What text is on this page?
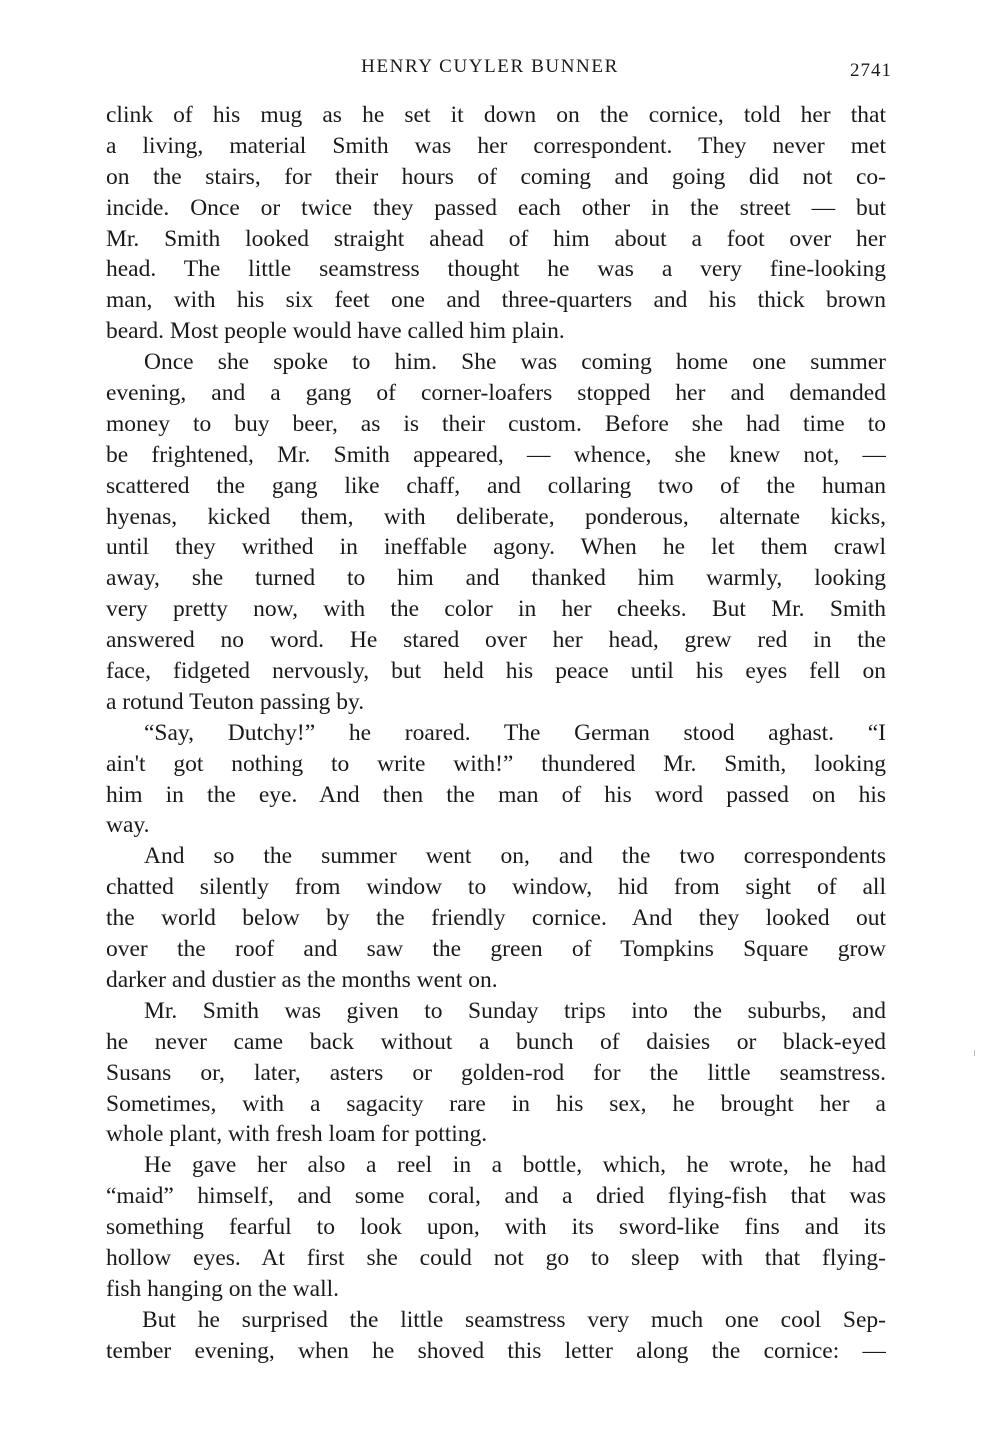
HENRY CUYLER BUNNER	2741
clink of his mug as he set it down on the cornice, told her that
a living, material Smith was her correspondent. They never met
on the stairs, for their hours of coming and going did not co-
incide. Once or twice they passed each other in the street — but
Mr. Smith looked straight ahead of him about a foot over her
head. The little seamstress thought he was a very fine-looking
man, with his six feet one and three-quarters and his thick brown
beard. Most people would have called him plain.
Once she spoke to him. She was coming home one summer
evening, and a gang of corner-loafers stopped her and demanded
money to buy beer, as is their custom. Before she had time to
be frightened, Mr. Smith appeared, — whence, she knew not, —
scattered the gang like chaff, and collaring two of the human
hyenas, kicked them, with deliberate, ponderous, alternate kicks,
until they writhed in ineffable agony. When he let them crawl
away, she turned to him and thanked him warmly, looking
very pretty now, with the color in her cheeks. But Mr. Smith
answered no word. He stared over her head, grew red in the
face, fidgeted nervously, but held his peace until his eyes fell on
a rotund Teuton passing by.
“Say, Dutchy!” he roared. The German stood aghast. “I
ain't got nothing to write with!” thundered Mr. Smith, looking
him in the eye. And then the man of his word passed on his
way.
And so the summer went on, and the two correspondents
chatted silently from window to window, hid from sight of all
the world below by the friendly cornice. And they looked out
over the roof and saw the green of Tompkins Square grow
darker and dustier as the months went on.
Mr. Smith was given to Sunday trips into the suburbs, and
he never came back without a bunch of daisies or black-eyed
Susans or, later, asters or golden-rod for the little seamstress.
Sometimes, with a sagacity rare in his sex, he brought her a
whole plant, with fresh loam for potting.
He gave her also a reel in a bottle, which, he wrote, he had
“maid” himself, and some coral, and a dried flying-fish that was
something fearful to look upon, with its sword-like fins and its
hollow eyes. At first she could not go to sleep with that flying-
fish hanging on the wall.
But he surprised the little seamstress very much one cool Sep-
tember evening, when he shoved this letter along the cornice: —
